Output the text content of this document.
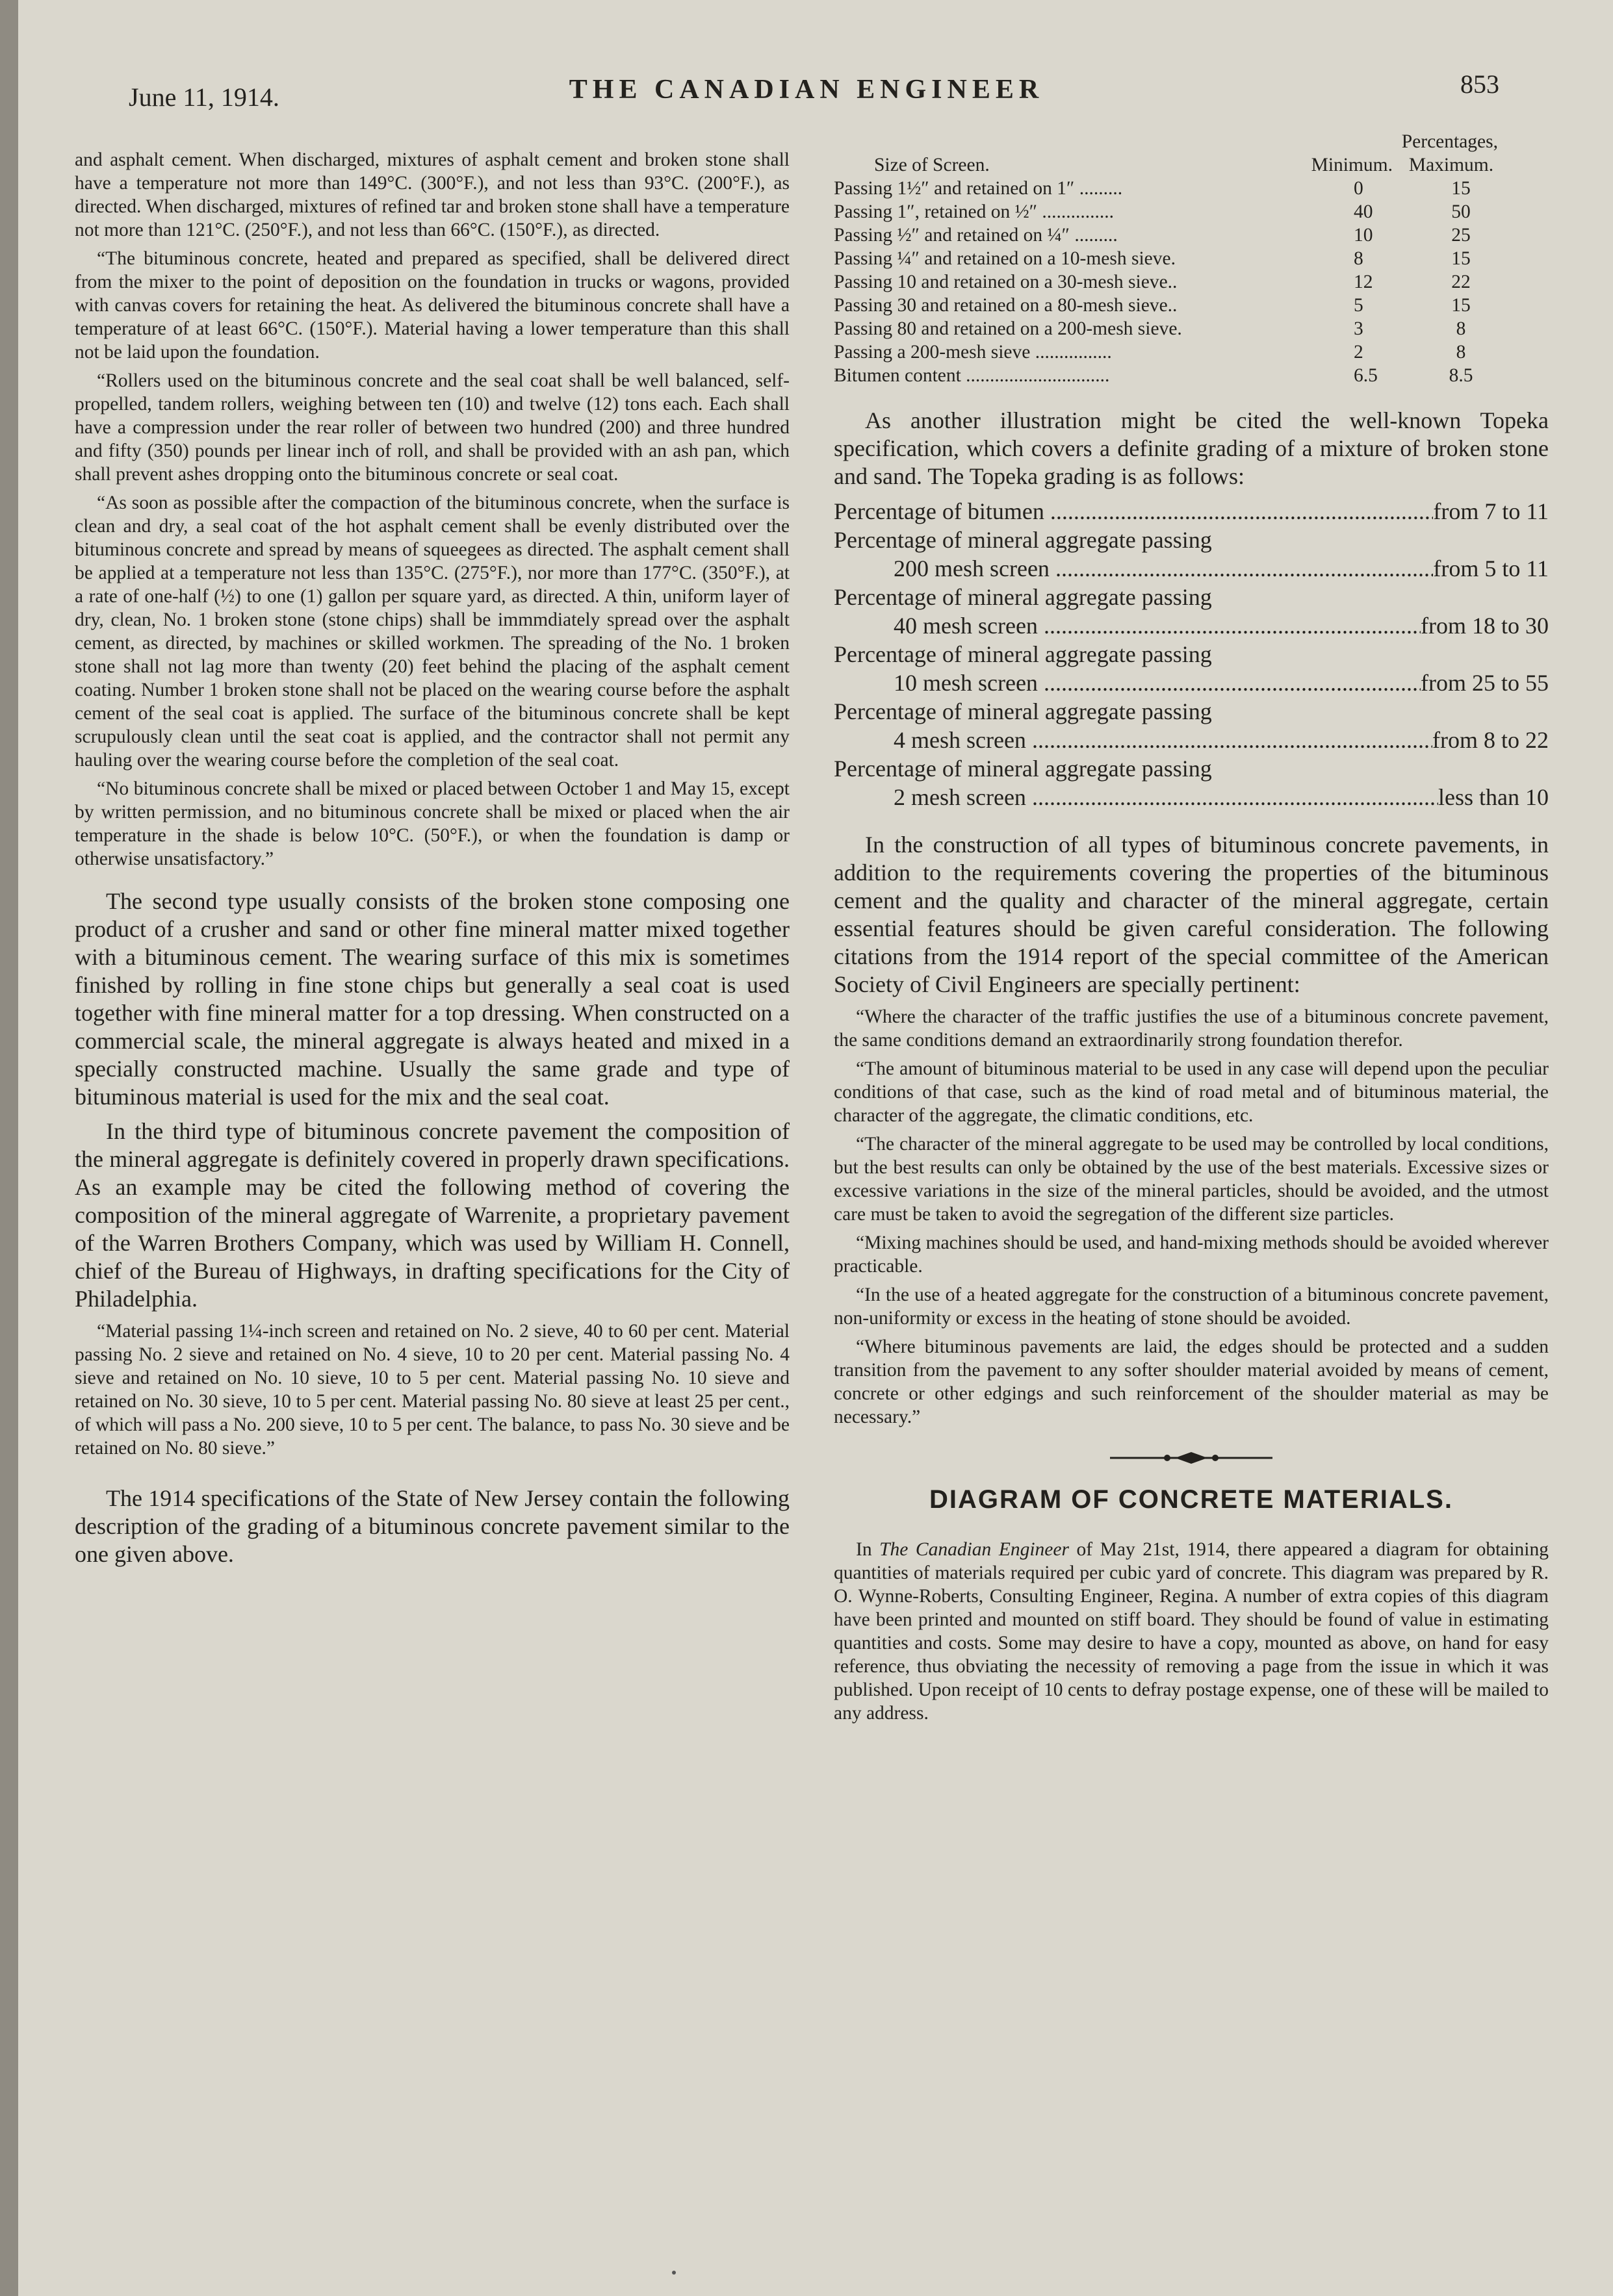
June 11, 1914.	THE CANADIAN ENGINEER	853

and asphalt cement. When discharged, mixtures of asphalt cement and broken stone shall have a temperature not more than 149°C. (300°F.), and not less than 93°C. (200°F.), as directed. When discharged, mixtures of refined tar and broken stone shall have a temperature not more than 121°C. (250°F.), and not less than 66°C. (150°F.), as directed.

“The bituminous concrete, heated and prepared as specified, shall be delivered direct from the mixer to the point of deposition on the foundation in trucks or wagons, provided with canvas covers for retaining the heat. As delivered the bituminous concrete shall have a temperature of at least 66°C. (150°F.). Material having a lower temperature than this shall not be laid upon the foundation.

“Rollers used on the bituminous concrete and the seal coat shall be well balanced, self-propelled, tandem rollers, weighing between ten (10) and twelve (12) tons each. Each shall have a compression under the rear roller of between two hundred (200) and three hundred and fifty (350) pounds per linear inch of roll, and shall be provided with an ash pan, which shall prevent ashes dropping onto the bituminous concrete or seal coat.

“As soon as possible after the compaction of the bituminous concrete, when the surface is clean and dry, a seal coat of the hot asphalt cement shall be evenly distributed over the bituminous concrete and spread by means of squeegees as directed. The asphalt cement shall be applied at a temperature not less than 135°C. (275°F.), nor more than 177°C. (350°F.), at a rate of one-half (½) to one (1) gallon per square yard, as directed. A thin, uniform layer of dry, clean, No. 1 broken stone (stone chips) shall be immmdiately spread over the asphalt cement, as directed, by machines or skilled workmen. The spreading of the No. 1 broken stone shall not lag more than twenty (20) feet behind the placing of the asphalt cement coating. Number 1 broken stone shall not be placed on the wearing course before the asphalt cement of the seal coat is applied. The surface of the bituminous concrete shall be kept scrupulously clean until the seat coat is applied, and the contractor shall not permit any hauling over the wearing course before the completion of the seal coat.

“No bituminous concrete shall be mixed or placed between October 1 and May 15, except by written permission, and no bituminous concrete shall be mixed or placed when the air temperature in the shade is below 10°C. (50°F.), or when the foundation is damp or otherwise unsatisfactory.”

The second type usually consists of the broken stone composing one product of a crusher and sand or other fine mineral matter mixed together with a bituminous cement. The wearing surface of this mix is sometimes finished by rolling in fine stone chips but generally a seal coat is used together with fine mineral matter for a top dressing. When constructed on a commercial scale, the mineral aggregate is always heated and mixed in a specially constructed machine. Usually the same grade and type of bituminous material is used for the mix and the seal coat.

In the third type of bituminous concrete pavement the composition of the mineral aggregate is definitely covered in properly drawn specifications. As an example may be cited the following method of covering the composition of the mineral aggregate of Warrenite, a proprietary pavement of the Warren Brothers Company, which was used by William H. Connell, chief of the Bureau of Highways, in drafting specifications for the City of Philadelphia.

“Material passing 1¼-inch screen and retained on No. 2 sieve, 40 to 60 per cent. Material passing No. 2 sieve and retained on No. 4 sieve, 10 to 20 per cent. Material passing No. 4 sieve and retained on No. 10 sieve, 10 to 5 per cent. Material passing No. 10 sieve and retained on No. 30 sieve, 10 to 5 per cent. Material passing No. 80 sieve at least 25 per cent., of which will pass a No. 200 sieve, 10 to 5 per cent. The balance, to pass No. 30 sieve and be retained on No. 80 sieve.”

The 1914 specifications of the State of New Jersey contain the following description of the grading of a bituminous concrete pavement similar to the one given above.

Percentages,
Size of Screen.	Minimum. Maximum.
Passing 1½″ and retained on 1″ .........	0	15
Passing 1″, retained on ½″ ...............	40	50
Passing ½″ and retained on ¼″ .........	10	25
Passing ¼″ and retained on a 10-mesh sieve.	8	15
Passing 10 and retained on a 30-mesh sieve..	12	22
Passing 30 and retained on a 80-mesh sieve..	5	15
Passing 80 and retained on a 200-mesh sieve.	3	8
Passing a 200-mesh sieve ................	2	8
Bitumen content ..............................	6.5	8.5

As another illustration might be cited the well-known Topeka specification, which covers a definite grading of a mixture of broken stone and sand. The Topeka grading is as follows:

Percentage of bitumen .....	from 7 to 11
Percentage of mineral aggregate passing
200 mesh screen .....	from 5 to 11
Percentage of mineral aggregate passing
40 mesh screen .....	from 18 to 30
Percentage of mineral aggregate passing
10 mesh screen .....	from 25 to 55
Percentage of mineral aggregate passing
4 mesh screen .....	from 8 to 22
Percentage of mineral aggregate passing
2 mesh screen .....	less than 10

In the construction of all types of bituminous concrete pavements, in addition to the requirements covering the properties of the bituminous cement and the quality and character of the mineral aggregate, certain essential features should be given careful consideration. The following citations from the 1914 report of the special committee of the American Society of Civil Engineers are specially pertinent:

“Where the character of the traffic justifies the use of a bituminous concrete pavement, the same conditions demand an extraordinarily strong foundation therefor.

“The amount of bituminous material to be used in any case will depend upon the peculiar conditions of that case, such as the kind of road metal and of bituminous material, the character of the aggregate, the climatic conditions, etc.

“The character of the mineral aggregate to be used may be controlled by local conditions, but the best results can only be obtained by the use of the best materials. Excessive sizes or excessive variations in the size of the mineral particles, should be avoided, and the utmost care must be taken to avoid the segregation of the different size particles.

“Mixing machines should be used, and hand-mixing methods should be avoided wherever practicable.

“In the use of a heated aggregate for the construction of a bituminous concrete pavement, non-uniformity or excess in the heating of stone should be avoided.

“Where bituminous pavements are laid, the edges should be protected and a sudden transition from the pavement to any softer shoulder material avoided by means of cement, concrete or other edgings and such reinforcement of the shoulder material as may be necessary.”

DIAGRAM OF CONCRETE MATERIALS.

In The Canadian Engineer of May 21st, 1914, there appeared a diagram for obtaining quantities of materials required per cubic yard of concrete. This diagram was prepared by R. O. Wynne-Roberts, Consulting Engineer, Regina. A number of extra copies of this diagram have been printed and mounted on stiff board. They should be found of value in estimating quantities and costs. Some may desire to have a copy, mounted as above, on hand for easy reference, thus obviating the necessity of removing a page from the issue in which it was published. Upon receipt of 10 cents to defray postage expense, one of these will be mailed to any address.
